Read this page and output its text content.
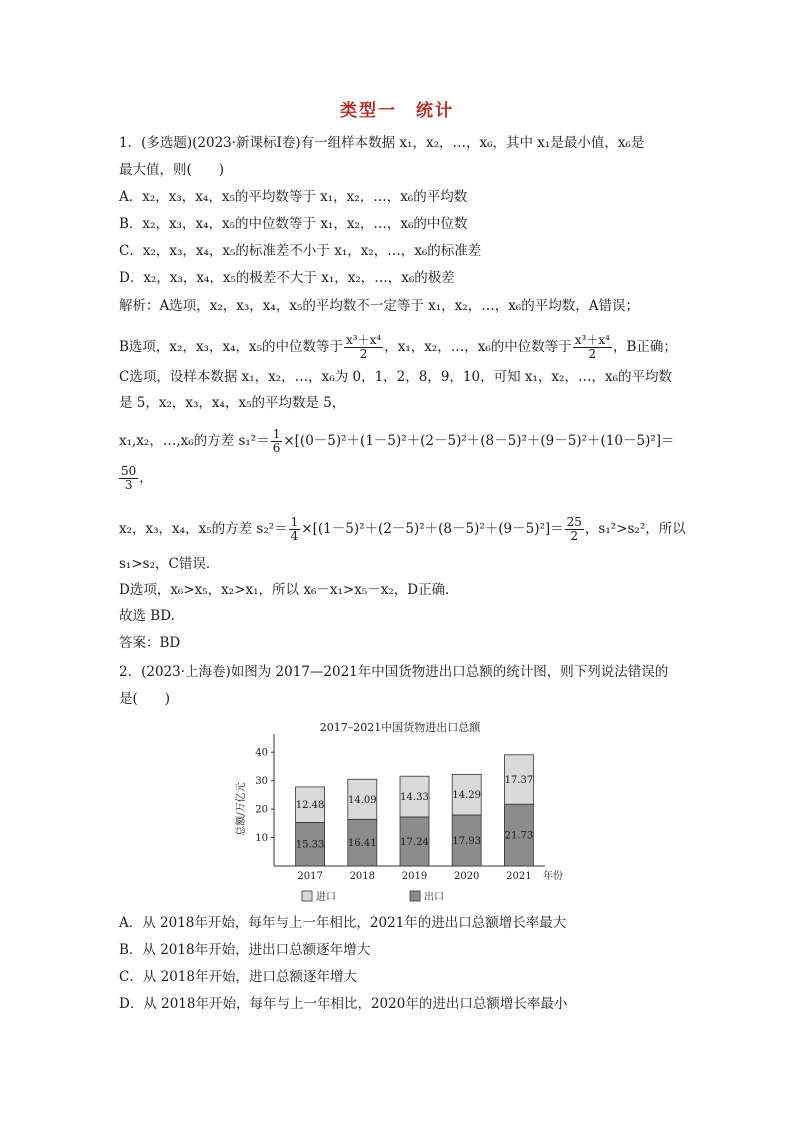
类型一　统计
1．(多选题)(2023·新课标Ⅰ卷)有一组样本数据 x₁，x₂，…，x₆，其中 x₁是最小值，x₆是
最大值，则(　　)
A．x₂，x₃，x₄，x₅的平均数等于 x₁，x₂，…，x₆的平均数
B．x₂，x₃，x₄，x₅的中位数等于 x₁，x₂，…，x₆的中位数
C．x₂，x₃，x₄，x₅的标准差不小于 x₁，x₂，…，x₆的标准差
D．x₂，x₃，x₄，x₅的极差不大于 x₁，x₂，…，x₆的极差
解析：A选项，x₂，x₃，x₄，x₅的平均数不一定等于 x₁，x₂，…，x₆的平均数，A错误；
B选项，x₂，x₃，x₄，x₅的中位数等于 $\frac{\text{x³＋x⁴}}{2}$ ，x₁，x₂，…，x₆的中位数等于 $\frac{\text{x³＋x⁴}}{2}$ ，B正确；
C选项，设样本数据 x₁，x₂，…，x₆为 0，1，2，8，9，10，可知 x₁，x₂，…，x₆的平均数
是 5，x₂，x₃，x₄，x₅的平均数是 5，
x₁,x₂，…,x₆的方差 $s_1^2= \frac{1}{6} \times[(0-5)^2+(1-5)^2+(2-5)^2+(8-5)^2+(9-5)^2+(10-5)^2]=$
$\frac{50}{3}$ ，
x₂，x₃，x₄，x₅的方差 $s_2^2= \frac{1}{4} \times[(1-5)^2+(2-5)^2+(8-5)^2+(9-5)^2]= \frac{25}{2}$ ，s₁²>s₂²，所以
s₁>s₂，C错误．
D选项，x₆>x₅，x₂>x₁，所以 x₆－x₁>x₅－x₂，D正确．
故选 BD.
答案：BD
2．(2023·上海卷)如图为 2017—2021年中国货物进出口总额的统计图，则下列说法错误的
是(　　)
2017–2021中国货物进出口总额
总额/万亿元
10
20
30
40
15.33
12.48
2017
16.41
14.09
2018
17.24
14.33
2019
17.93
14.29
2020
21.73
17.37
2021 年份
进口	出口
A．从 2018年开始，每年与上一年相比，2021年的进出口总额增长率最大
B．从 2018年开始，进出口总额逐年增大
C．从 2018年开始，进口总额逐年增大
D．从 2018年开始，每年与上一年相比，2020年的进出口总额增长率最小
